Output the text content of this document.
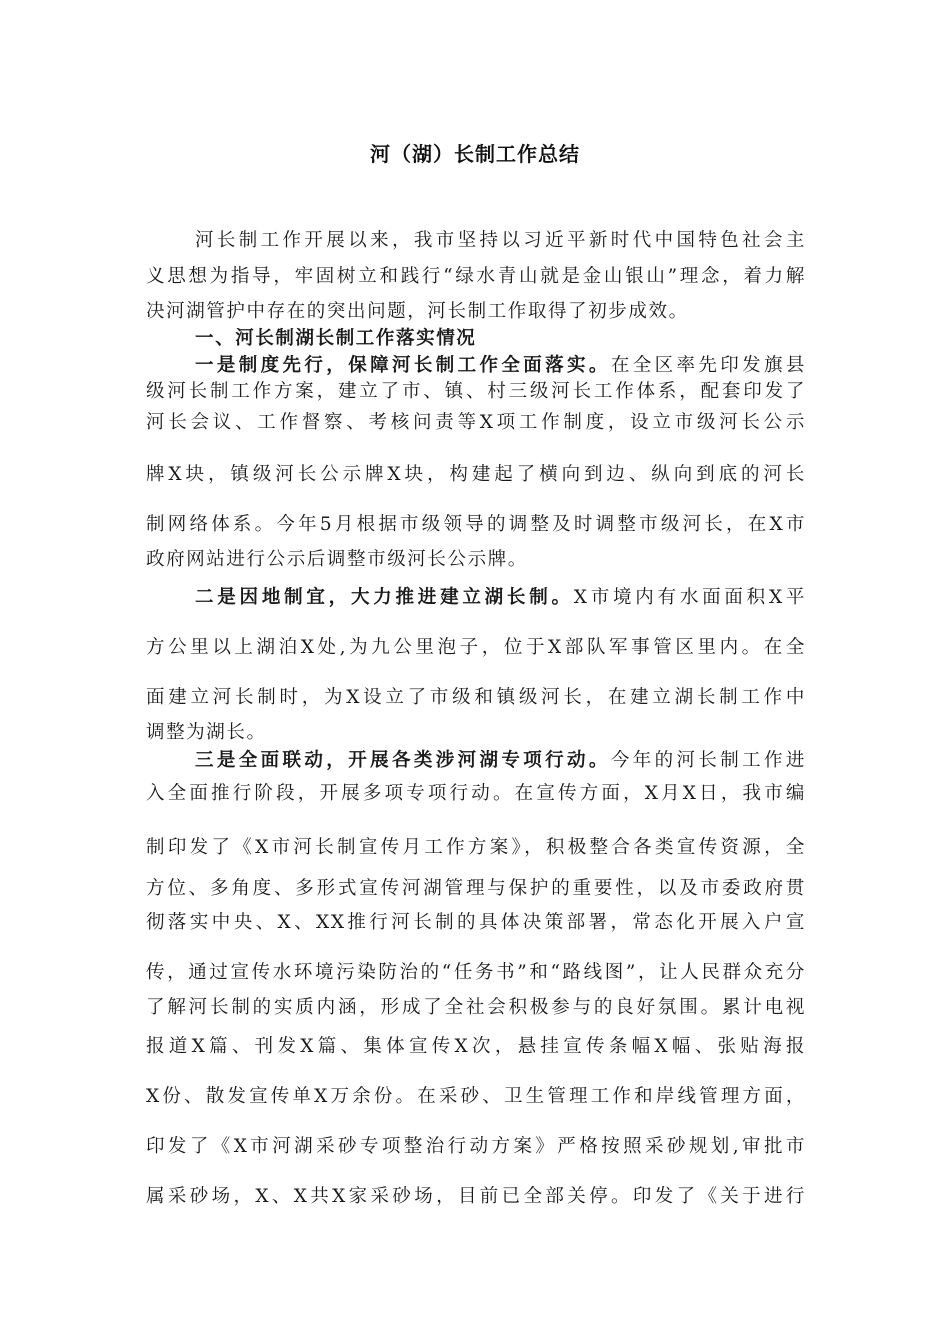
河（湖）长制工作总结
河长制工作开展以来，我市坚持以习近平新时代中国特色社会主
义思想为指导，牢固树立和践行“绿水青山就是金山银山”理念，着力解
决河湖管护中存在的突出问题，河长制工作取得了初步成效。
一、河长制湖长制工作落实情况
一是制度先行，保障河长制工作全面落实。在全区率先印发旗县
级河长制工作方案，建立了市、镇、村三级河长工作体系，配套印发了
河长会议、工作督察、考核问责等X项工作制度，设立市级河长公示
牌X块，镇级河长公示牌X块，构建起了横向到边、纵向到底的河长
制网络体系。今年5月根据市级领导的调整及时调整市级河长，在X市
政府网站进行公示后调整市级河长公示牌。
二是因地制宜，大力推进建立湖长制。X市境内有水面面积X平
方公里以上湖泊X处,为九公里泡子，位于X部队军事管区里内。在全
面建立河长制时，为X设立了市级和镇级河长，在建立湖长制工作中
调整为湖长。
三是全面联动，开展各类涉河湖专项行动。今年的河长制工作进
入全面推行阶段，开展多项专项行动。在宣传方面，X月X日，我市编
制印发了《X市河长制宣传月工作方案》，积极整合各类宣传资源，全
方位、多角度、多形式宣传河湖管理与保护的重要性，以及市委政府贯
彻落实中央、X、XX推行河长制的具体决策部署，常态化开展入户宣
传，通过宣传水环境污染防治的“任务书”和“路线图”，让人民群众充分
了解河长制的实质内涵，形成了全社会积极参与的良好氛围。累计电视
报道X篇、刊发X篇、集体宣传X次，悬挂宣传条幅X幅、张贴海报
X份、散发宣传单X万余份。在采砂、卫生管理工作和岸线管理方面，
印发了《X市河湖采砂专项整治行动方案》严格按照采砂规划,审批市
属采砂场，X、X共X家采砂场，目前已全部关停。印发了《关于进行
